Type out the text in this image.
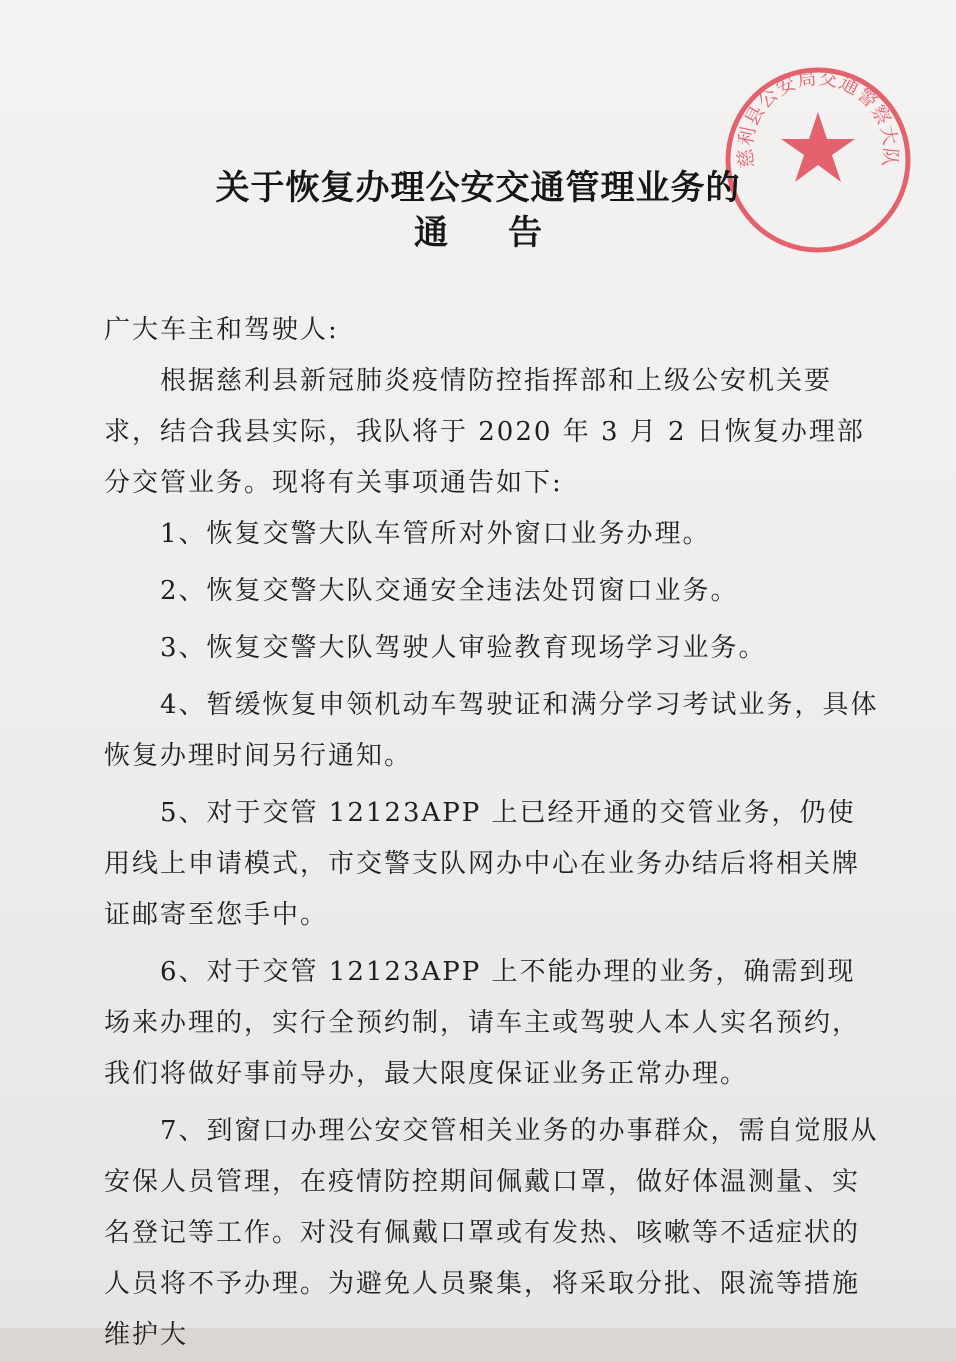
慈利县公安局交通警察大队
关于恢复办理公安交通管理业务的
通告

广大车主和驾驶人:

根据慈利县新冠肺炎疫情防控指挥部和上级公安机关要求，结合我县实际，我队将于 2020 年 3 月 2 日恢复办理部分交管业务。现将有关事项通告如下:

1、恢复交警大队车管所对外窗口业务办理。

2、恢复交警大队交通安全违法处罚窗口业务。

3、恢复交警大队驾驶人审验教育现场学习业务。

4、暂缓恢复申领机动车驾驶证和满分学习考试业务，具体恢复办理时间另行通知。

5、对于交管 12123APP 上已经开通的交管业务，仍使用线上申请模式，市交警支队网办中心在业务办结后将相关牌证邮寄至您手中。

6、对于交管 12123APP 上不能办理的业务，确需到现场来办理的，实行全预约制，请车主或驾驶人本人实名预约，我们将做好事前导办，最大限度保证业务正常办理。

7、到窗口办理公安交管相关业务的办事群众，需自觉服从安保人员管理，在疫情防控期间佩戴口罩，做好体温测量、实名登记等工作。对没有佩戴口罩或有发热、咳嗽等不适症状的人员将不予办理。为避免人员聚集，将采取分批、限流等措施维护大
